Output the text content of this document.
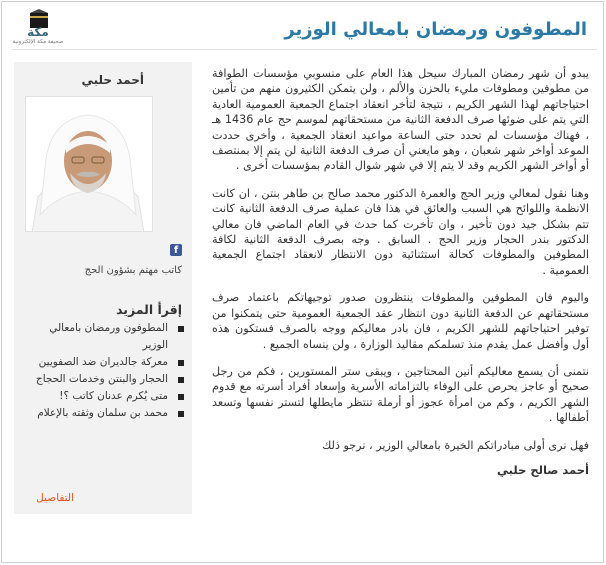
مكة
صحيفة مكة الإلكترونية
المطوفون ورمضان بامعالي الوزير

يبدو أن شهر رمضان المبارك سيحل هذا العام على منسوبي مؤسسات الطوافة من مطوفين ومطوفات مليء بالحزن والألم ، ولن يتمكن الكثيرون منهم من تأمين احتياجاتهم لهذا الشهر الكريم ، نتيجة لتأخر انعقاد اجتماع الجمعية العمومية العادية التي يتم على ضوئها صرف الدفعة الثانية من مستحقاتهم لموسم حج عام 1436 هـ ، فهناك مؤسسات لم تحدد حتى الساعة مواعيد انعقاد الجمعية ، وأخرى حددت الموعد أواخر شهر شعبان ، وهو مايعني أن صرف الدفعة الثانية لن يتم إلا بمنتصف أو أواخر الشهر الكريم وقد لا يتم إلا في شهر شوال القادم بمؤسسات أخرى .

وهنا نقول لمعالي وزير الحج والعمرة الدكتور محمد صالح بن طاهر بنتن ، ان كانت الانظمة واللوائح هي السبب والعائق في هذا فان عملية صرف الدفعة الثانية كانت تتم بشكل جيد دون تأخير ، وان تأخرت كما حدث في العام الماضي فان معالي الدكتور بندر الحجار وزير الحج . السابق . وجه بصرف الدفعة الثانية لكافة المطوفين والمطوفات كحالة استثنائية دون الانتظار لانعقاد اجتماع الجمعية العمومية .

واليوم فان المطوفين والمطوفات ينتظرون صدور توجيهاتكم باعتماد صرف مستحقاتهم عن الدفعة الثانية دون انتظار عقد الجمعية العمومية حتى يتمكنوا من توفير احتياجاتهم للشهر الكريم ، فان بادر معاليكم ووجه بالصرف فستكون هذه أول وأفضل عمل يقدم منذ تسلمكم مقاليد الوزارة ، ولن ينساه الجميع .

نتمنى أن يسمع معاليكم أنين المحتاجين ، ويبقى ستر المستورين ، فكم من رجل صحيح أو عاجز يحرص على الوفاء بالتزاماته الأسرية وإسعاد أفراد أسرته مع قدوم الشهر الكريم ، وكم من امرأة عجوز أو أرملة تنتظر مايطلها لتستر نفسها وتسعد أطفالها .

فهل نرى أولى مبادراتكم الخيرة بامعالي الوزير ، نرجو ذلك

أحمد صالح حلبي

أحمد حلبي
f
كاتب مهتم بشؤون الحج
إقرأ المزيد
المطوفون ورمضان بامعالي الوزير
معركة جالديران ضد الصفويين
الحجار والبنتن وخدمات الحجاج
متى يُكرم عدنان كاتب ؟!
محمد بن سلمان وثقته بالإعلام
التفاصيل
